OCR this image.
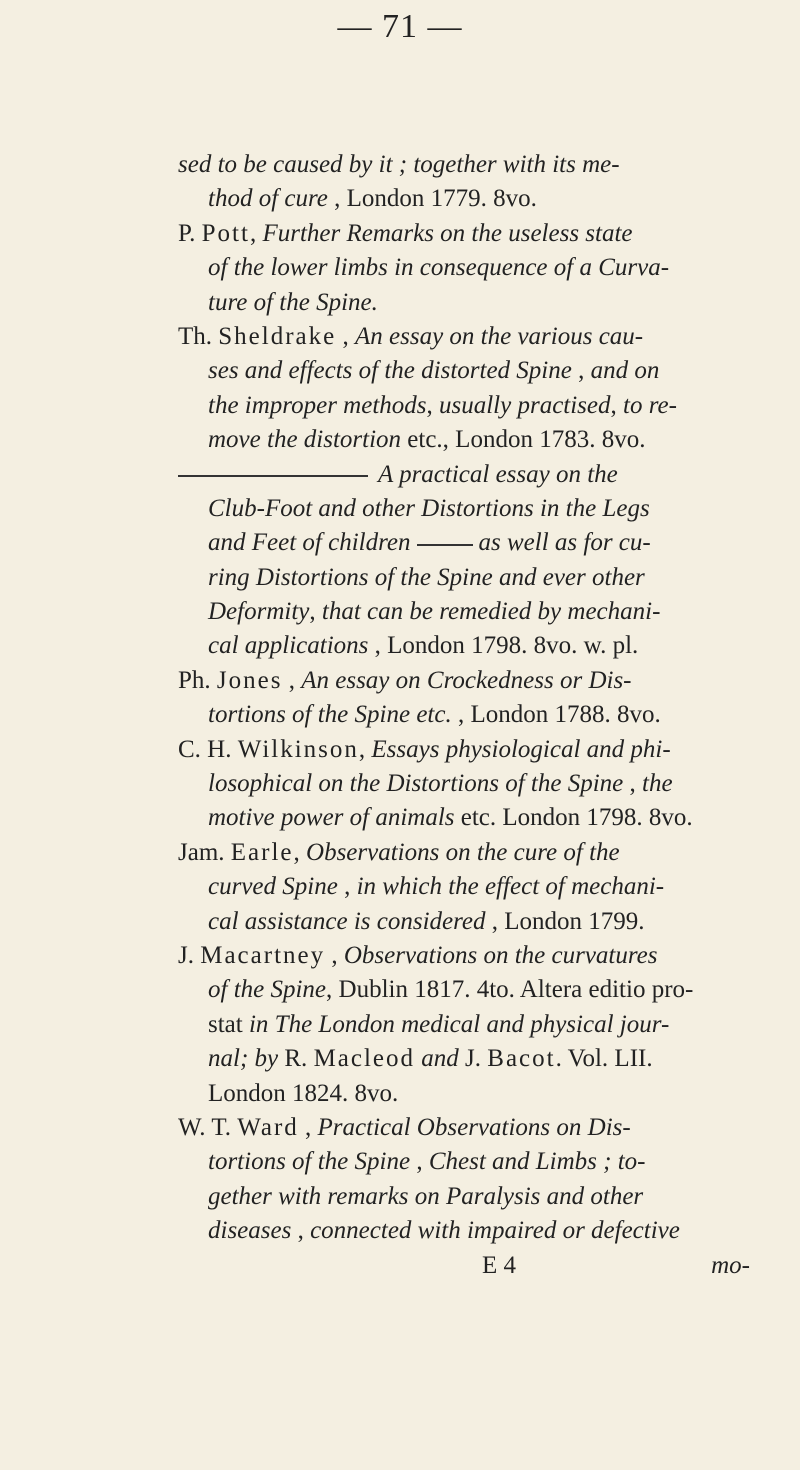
— 71 —
sed to be caused by it ; together with its me-
thod of cure , London 1779. 8vo.
P. Pott, Further Remarks on the useless state
of the lower limbs in consequence of a Curva-
ture of the Spine.
Th. Sheldrake , An essay on the various cau-
ses and effects of the distorted Spine , and on
the improper methods, usually practised, to re-
move the distortion etc., London 1783. 8vo.
A practical essay on the
Club-Foot and other Distortions in the Legs
and Feet of children	as well as for cu-
ring Distortions of the Spine and ever other
Deformity, that can be remedied by mechani-
cal applications , London 1798. 8vo. w. pl.
Ph. Jones , An essay on Crockedness or Dis-
tortions of the Spine etc. , London 1788. 8vo.
C. H. Wilkinson, Essays physiological and phi-
losophical on the Distortions of the Spine , the
motive power of animals etc. London 1798. 8vo.
Jam. Earle, Observations on the cure of the
curved Spine , in which the effect of mechani-
cal assistance is considered , London 1799.
J. Macartney , Observations on the curvatures
of the Spine, Dublin 1817. 4to. Altera editio pro-
stat in The London medical and physical jour-
nal; by R. Macleod and J. Bacot. Vol. LII.
London 1824. 8vo.
W. T. Ward , Practical Observations on Dis-
tortions of the Spine , Chest and Limbs ; to-
gether with remarks on Paralysis and other
diseases , connected with impaired or defective
E 4	mo-
